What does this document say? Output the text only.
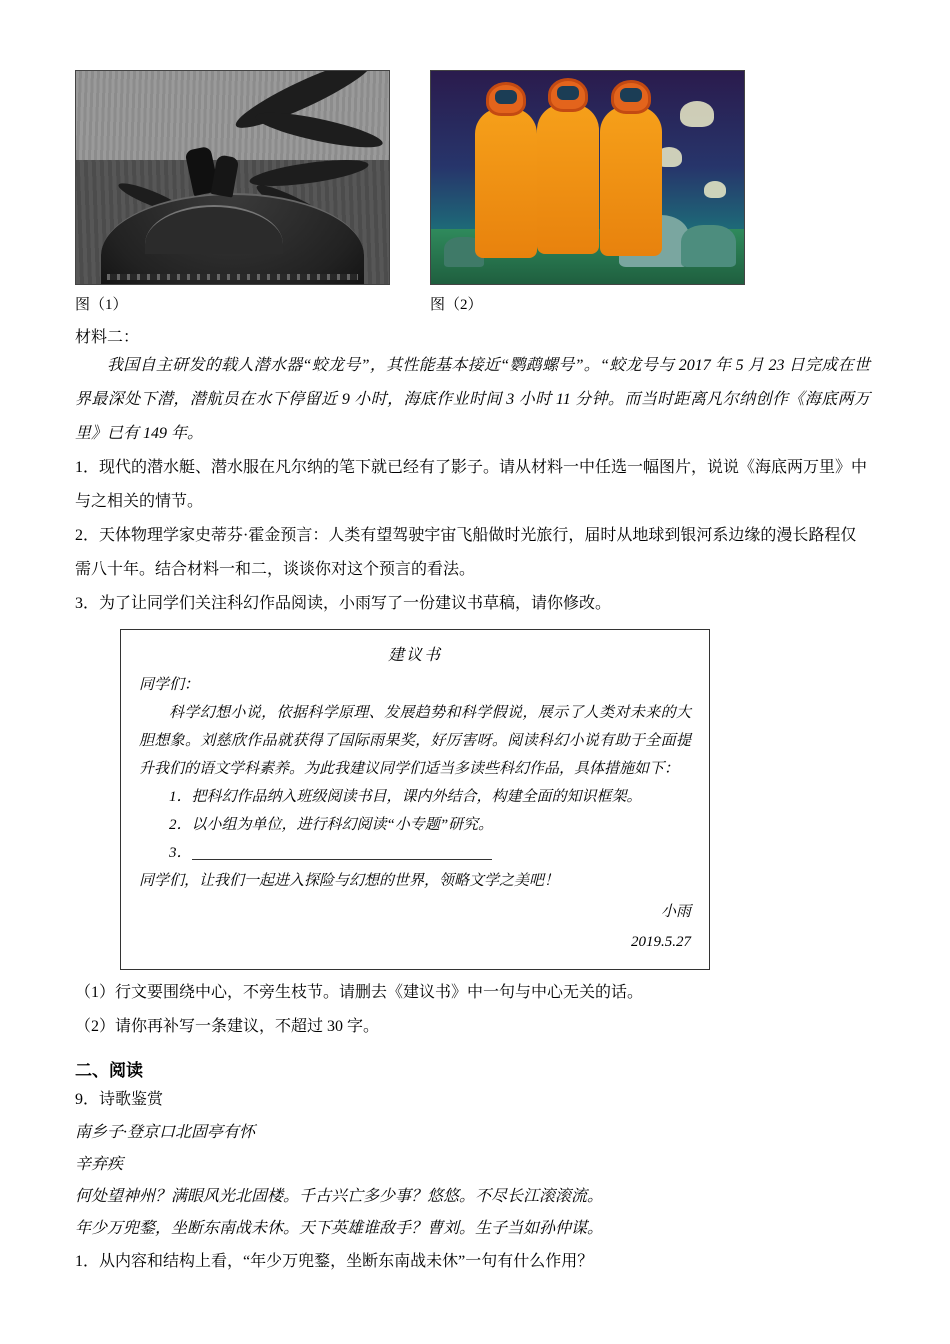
图（1）	图（2）
材料二：

我国自主研发的载人潜水器“蛟龙号”，其性能基本接近“鹦鹉螺号”。“蛟龙号与 2017 年 5 月 23 日完成在世界最深处下潜，潜航员在水下停留近 9 小时，海底作业时间 3 小时 11 分钟。而当时距离凡尔纳创作《海底两万里》已有 149 年。

1．现代的潜水艇、潜水服在凡尔纳的笔下就已经有了影子。请从材料一中任选一幅图片，说说《海底两万里》中与之相关的情节。

2．天体物理学家史蒂芬·霍金预言：人类有望驾驶宇宙飞船做时光旅行，届时从地球到银河系边缘的漫长路程仅需八十年。结合材料一和二，谈谈你对这个预言的看法。

3．为了让同学们关注科幻作品阅读，小雨写了一份建议书草稿，请你修改。

建议书

同学们：

科学幻想小说，依据科学原理、发展趋势和科学假说，展示了人类对未来的大胆想象。刘慈欣作品就获得了国际雨果奖，好厉害呀。阅读科幻小说有助于全面提升我们的语文学科素养。为此我建议同学们适当多读些科幻作品，具体措施如下：

1．把科幻作品纳入班级阅读书目，课内外结合，构建全面的知识框架。

2．以小组为单位，进行科幻阅读“小专题”研究。

3．

同学们，让我们一起进入探险与幻想的世界，领略文学之美吧！

小雨
2019.5.27

（1）行文要围绕中心，不旁生枝节。请删去《建议书》中一句与中心无关的话。

（2）请你再补写一条建议，不超过 30 字。

二、阅读

9．诗歌鉴赏

南乡子·登京口北固亭有怀

辛弃疾

何处望神州？满眼风光北固楼。千古兴亡多少事？悠悠。不尽长江滚滚流。

年少万兜鍪，坐断东南战未休。天下英雄谁敌手？曹刘。生子当如孙仲谋。

1．从内容和结构上看，“年少万兜鍪，坐断东南战未休”一句有什么作用？
